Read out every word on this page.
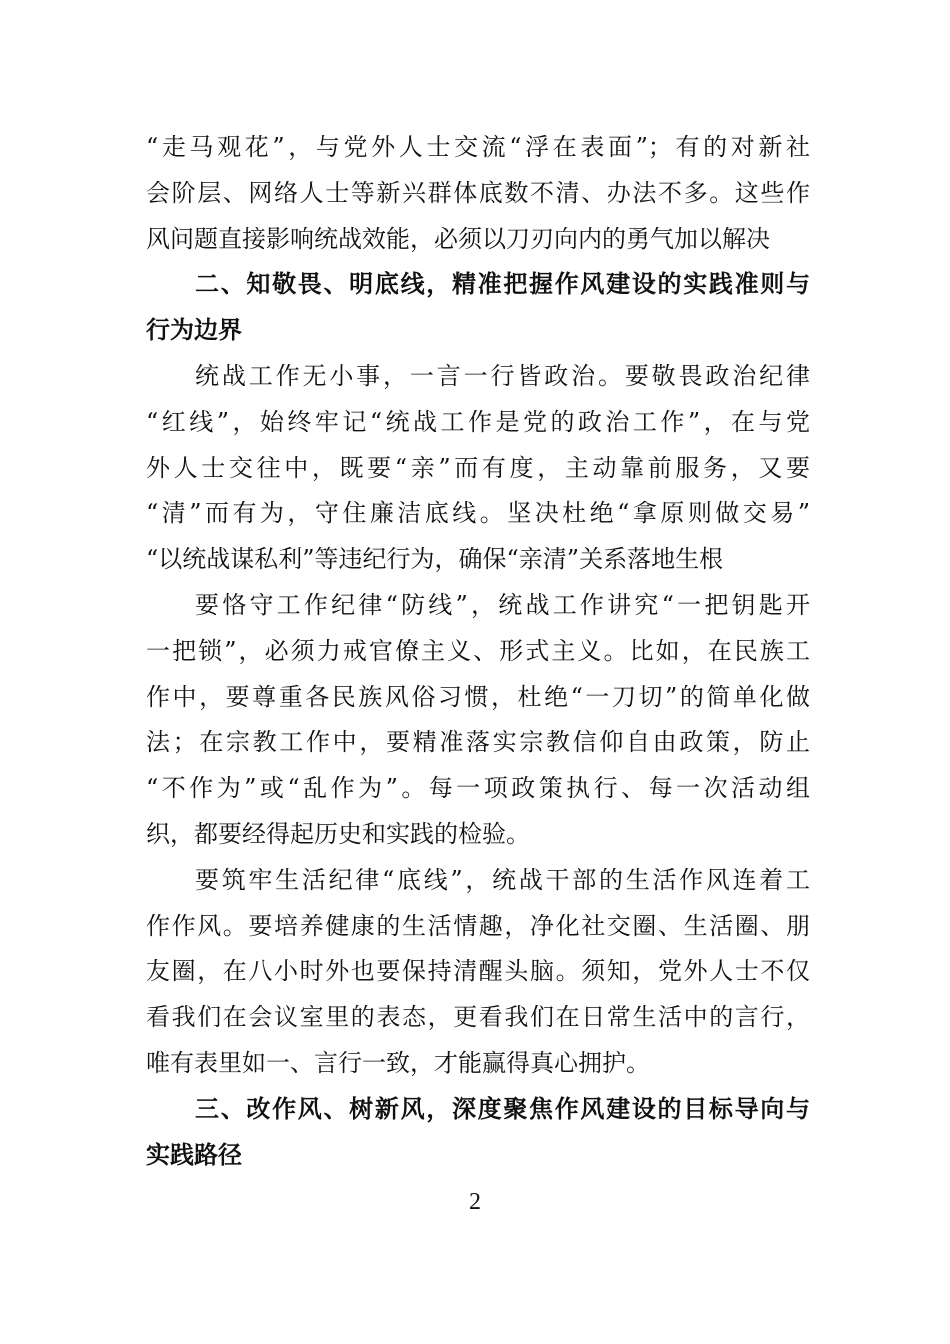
“走马观花”，与党外人士交流“浮在表面”；有的对新社
会阶层、网络人士等新兴群体底数不清、办法不多。这些作
风问题直接影响统战效能，必须以刀刃向内的勇气加以解决
二、知敬畏、明底线，精准把握作风建设的实践准则与
行为边界
统战工作无小事，一言一行皆政治。要敬畏政治纪律
“红线”，始终牢记“统战工作是党的政治工作”，在与党
外人士交往中，既要“亲”而有度，主动靠前服务，又要
“清”而有为，守住廉洁底线。坚决杜绝“拿原则做交易”
“以统战谋私利”等违纪行为，确保“亲清”关系落地生根
要恪守工作纪律“防线”，统战工作讲究“一把钥匙开
一把锁”，必须力戒官僚主义、形式主义。比如，在民族工
作中，要尊重各民族风俗习惯，杜绝“一刀切”的简单化做
法；在宗教工作中，要精准落实宗教信仰自由政策，防止
“不作为”或“乱作为”。每一项政策执行、每一次活动组
织，都要经得起历史和实践的检验。
要筑牢生活纪律“底线”，统战干部的生活作风连着工
作作风。要培养健康的生活情趣，净化社交圈、生活圈、朋
友圈，在八小时外也要保持清醒头脑。须知，党外人士不仅
看我们在会议室里的表态，更看我们在日常生活中的言行，
唯有表里如一、言行一致，才能赢得真心拥护。
三、改作风、树新风，深度聚焦作风建设的目标导向与
实践路径
2
